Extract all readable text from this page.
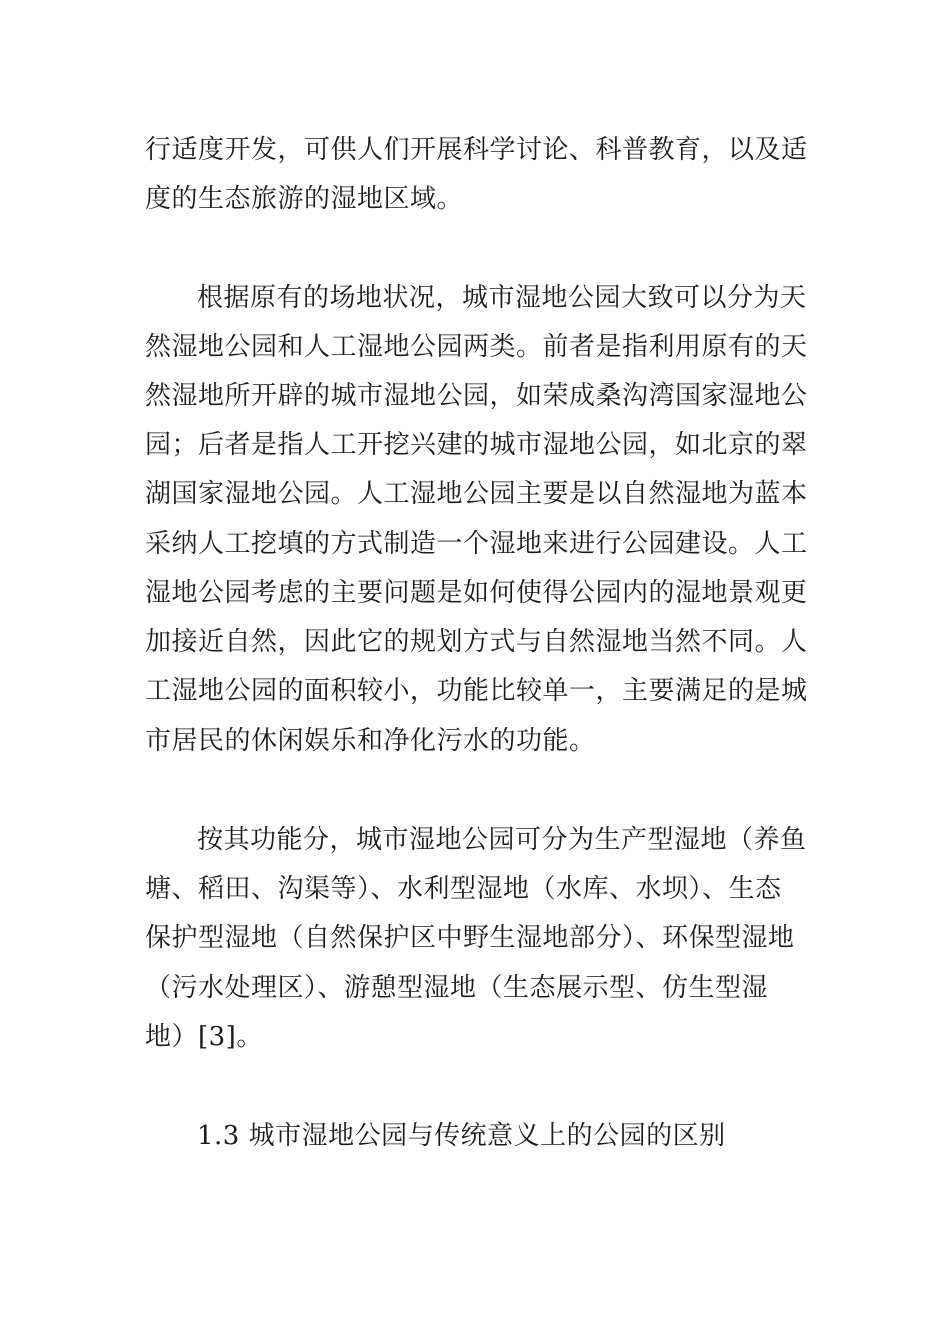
行适度开发，可供人们开展科学讨论、科普教育，以及适
度的生态旅游的湿地区域。
根据原有的场地状况，城市湿地公园大致可以分为天
然湿地公园和人工湿地公园两类。前者是指利用原有的天
然湿地所开辟的城市湿地公园，如荣成桑沟湾国家湿地公
园；后者是指人工开挖兴建的城市湿地公园，如北京的翠
湖国家湿地公园。人工湿地公园主要是以自然湿地为蓝本
采纳人工挖填的方式制造一个湿地来进行公园建设。人工
湿地公园考虑的主要问题是如何使得公园内的湿地景观更
加接近自然，因此它的规划方式与自然湿地当然不同。人
工湿地公园的面积较小，功能比较单一，主要满足的是城
市居民的休闲娱乐和净化污水的功能。
按其功能分，城市湿地公园可分为生产型湿地（养鱼
塘、稻田、沟渠等）、水利型湿地（水库、水坝）、生态
保护型湿地（自然保护区中野生湿地部分）、环保型湿地
（污水处理区）、游憩型湿地（生态展示型、仿生型湿
地）[3]。
1.3 城市湿地公园与传统意义上的公园的区别
